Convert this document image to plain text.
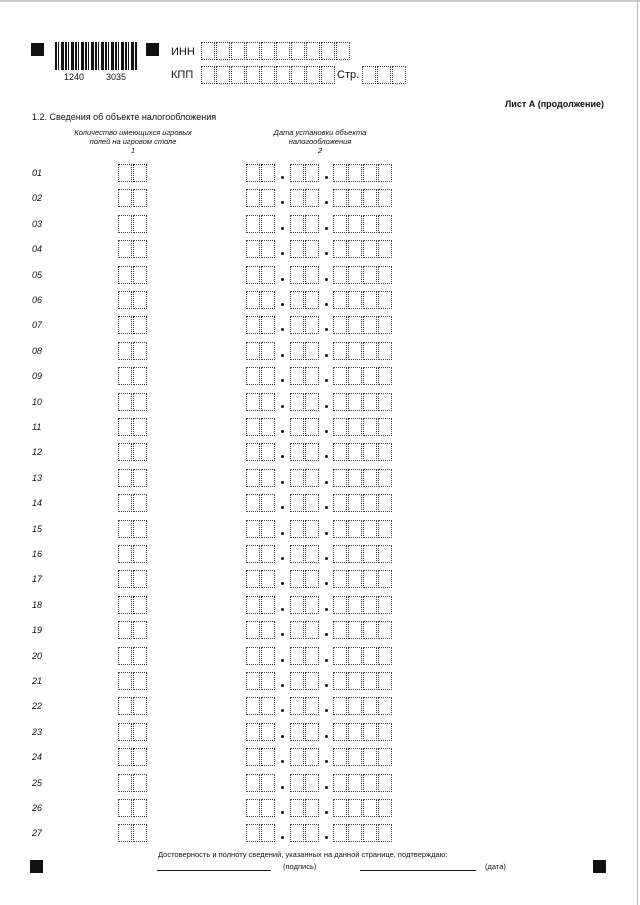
1240 3035
ИНН
КПП	Стр.
Лист А (продолжение)
1.2. Сведения об объекте налогообложения
Количество имеющихся игровых полей на игровом столе
1
Дата установки объекта налогообложения
2
01
02
03
04
05
06
07
08
09
10
11
12
13
14
15
16
17
18
19
20
21
22
23
24
25
26
27
Достоверность и полноту сведений, указанных на данной странице, подтверждаю:
(подпись)	(дата)
